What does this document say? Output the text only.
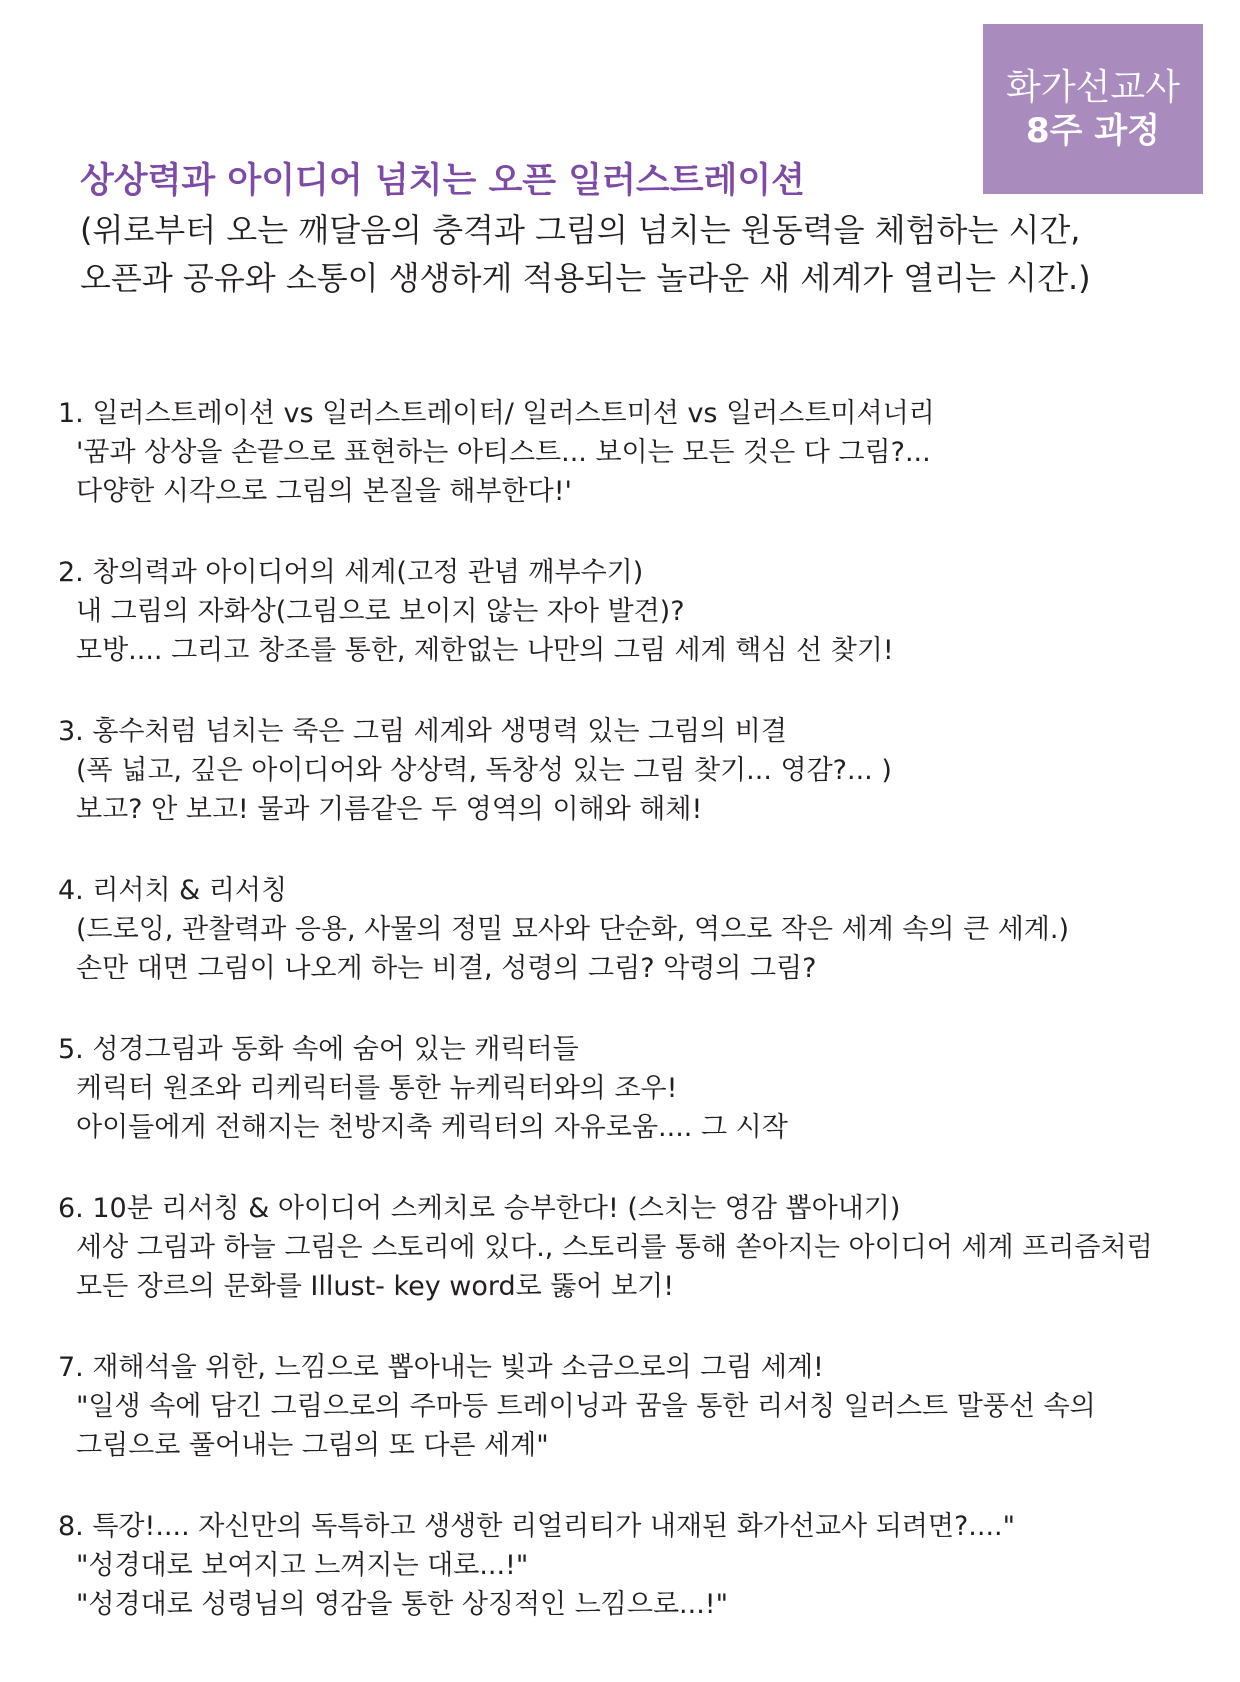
화가선교사
8주 과정
상상력과 아이디어 넘치는 오픈 일러스트레이션
(위로부터 오는 깨달음의 충격과 그림의 넘치는 원동력을 체험하는 시간,
오픈과 공유와 소통이 생생하게 적용되는 놀라운 새 세계가 열리는 시간.)
1. 일러스트레이션 vs 일러스트레이터/ 일러스트미션 vs 일러스트미셔너리
'꿈과 상상을 손끝으로 표현하는 아티스트... 보이는 모든 것은 다 그림?...
다양한 시각으로 그림의 본질을 해부한다!'
2. 창의력과 아이디어의 세계(고정 관념 깨부수기)
내 그림의 자화상(그림으로 보이지 않는 자아 발견)?
모방.... 그리고 창조를 통한, 제한없는 나만의 그림 세계 핵심 선 찾기!
3. 홍수처럼 넘치는 죽은 그림 세계와 생명력 있는 그림의 비결
(폭 넓고, 깊은 아이디어와 상상력, 독창성 있는 그림 찾기... 영감?... )
보고? 안 보고! 물과 기름같은 두 영역의 이해와 해체!
4. 리서치 & 리서칭
(드로잉, 관찰력과 응용, 사물의 정밀 묘사와 단순화, 역으로 작은 세계 속의 큰 세계.)
손만 대면 그림이 나오게 하는 비결, 성령의 그림? 악령의 그림?
5. 성경그림과 동화 속에 숨어 있는 캐릭터들
케릭터 원조와 리케릭터를 통한 뉴케릭터와의 조우!
아이들에게 전해지는 천방지축 케릭터의 자유로움.... 그 시작
6. 10분 리서칭 & 아이디어 스케치로 승부한다! (스치는 영감 뽑아내기)
세상 그림과 하늘 그림은 스토리에 있다., 스토리를 통해 쏟아지는 아이디어 세계 프리즘처럼
모든 장르의 문화를 Illust- key word로 뚫어 보기!
7. 재해석을 위한, 느낌으로 뽑아내는 빛과 소금으로의 그림 세계!
"일생 속에 담긴 그림으로의 주마등 트레이닝과 꿈을 통한 리서칭 일러스트 말풍선 속의
그림으로 풀어내는 그림의 또 다른 세계"
8. 특강!.... 자신만의 독특하고 생생한 리얼리티가 내재된 화가선교사 되려면?...."
"성경대로 보여지고 느껴지는 대로...!"
"성경대로 성령님의 영감을 통한 상징적인 느낌으로...!"
